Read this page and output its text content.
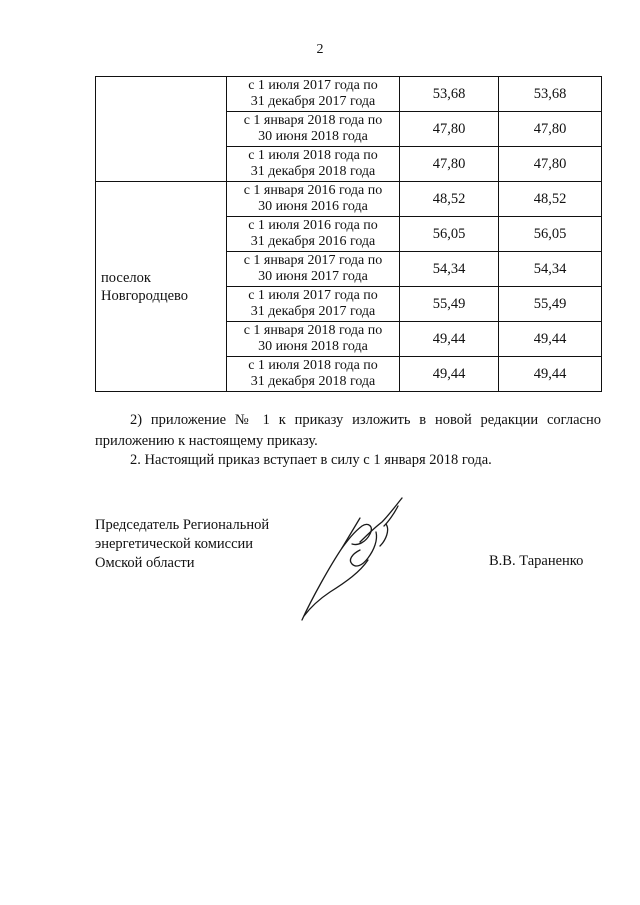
2
	с 1 июля 2017 года по
31 декабря 2017 года	53,68	53,68
	с 1 января 2018 года по
30 июня 2018 года	47,80	47,80
	с 1 июля 2018 года по
31 декабря 2018 года	47,80	47,80
поселок
Новгородцево	с 1 января 2016 года по
30 июня 2016 года	48,52	48,52
	с 1 июля 2016 года по
31 декабря 2016 года	56,05	56,05
	с 1 января 2017 года по
30 июня 2017 года	54,34	54,34
	с 1 июля 2017 года по
31 декабря 2017 года	55,49	55,49
	с 1 января 2018 года по
30 июня 2018 года	49,44	49,44
	с 1 июля 2018 года по
31 декабря 2018 года	49,44	49,44
2) приложение № 1 к приказу изложить в новой редакции согласно приложению к настоящему приказу.
2. Настоящий приказ вступает в силу с 1 января 2018 года.
Председатель Региональной
энергетической комиссии
Омской области	В.В. Тараненко
